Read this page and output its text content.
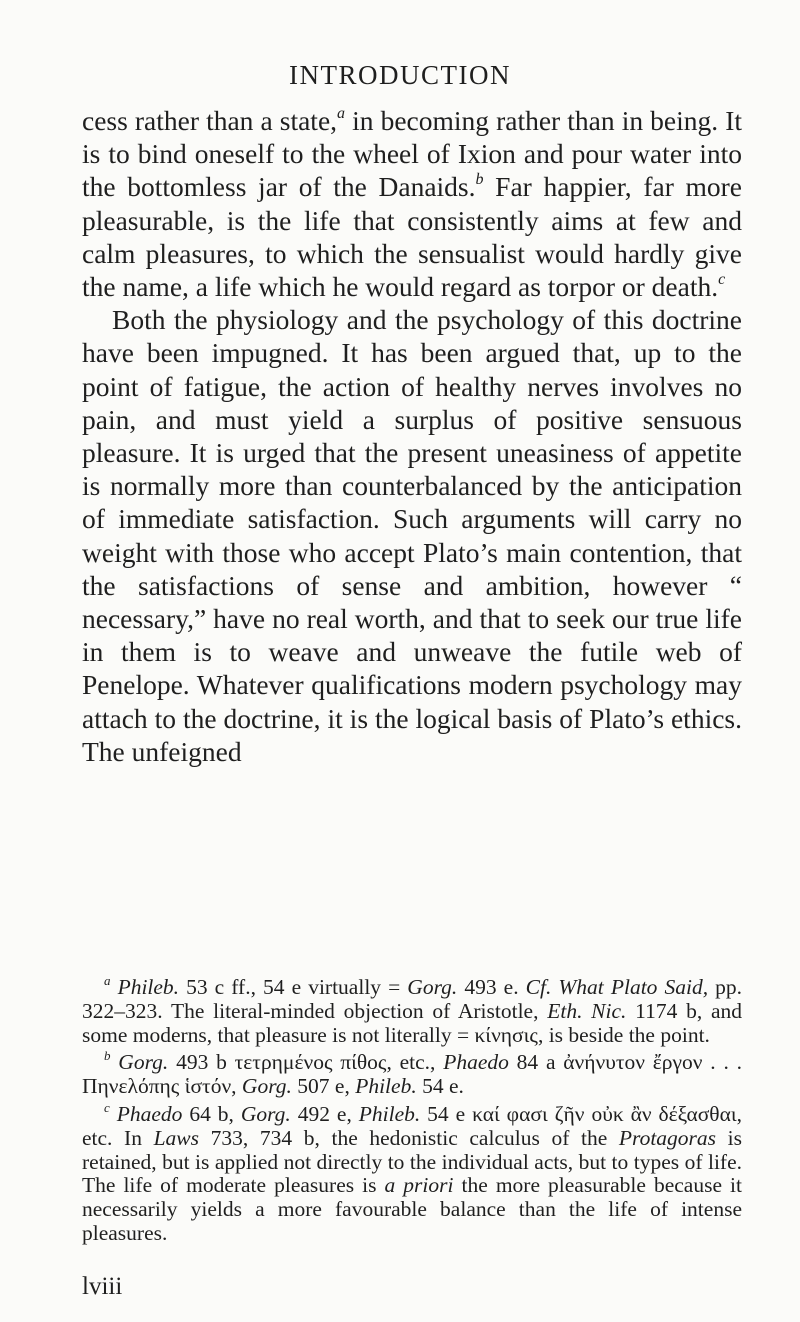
INTRODUCTION

cess rather than a state,$^a$ in becoming rather than in being. It is to bind oneself to the wheel of Ixion and pour water into the bottomless jar of the Danaids.$^b$ Far happier, far more pleasurable, is the life that consistently aims at few and calm pleasures, to which the sensualist would hardly give the name, a life which he would regard as torpor or death.$^c$

Both the physiology and the psychology of this doctrine have been impugned. It has been argued that, up to the point of fatigue, the action of healthy nerves involves no pain, and must yield a surplus of positive sensuous pleasure. It is urged that the present uneasiness of appetite is normally more than counterbalanced by the anticipation of immediate satisfaction. Such arguments will carry no weight with those who accept Plato’s main contention, that the satisfactions of sense and ambition, however “ necessary,” have no real worth, and that to seek our true life in them is to weave and unweave the futile web of Penelope. Whatever qualifications modern psychology may attach to the doctrine, it is the logical basis of Plato’s ethics. The unfeigned

$^a$ Phileb. 53 c ff., 54 e virtually = Gorg. 493 e. Cf. What Plato Said, pp. 322–323. The literal-minded objection of Aristotle, Eth. Nic. 1174 b, and some moderns, that pleasure is not literally = κίνησις, is beside the point.

$^b$ Gorg. 493 b τετρημένος πίθος, etc., Phaedo 84 a ἀνήνυτον ἔργον . . . Πηνελόπης ἱστόν, Gorg. 507 e, Phileb. 54 e.

$^c$ Phaedo 64 b, Gorg. 492 e, Phileb. 54 e καί φασι ζῆν οὐκ ἂν δέξασθαι, etc. In Laws 733, 734 b, the hedonistic calculus of the Protagoras is retained, but is applied not directly to the individual acts, but to types of life. The life of moderate pleasures is a priori the more pleasurable because it necessarily yields a more favourable balance than the life of intense pleasures.

lviii
